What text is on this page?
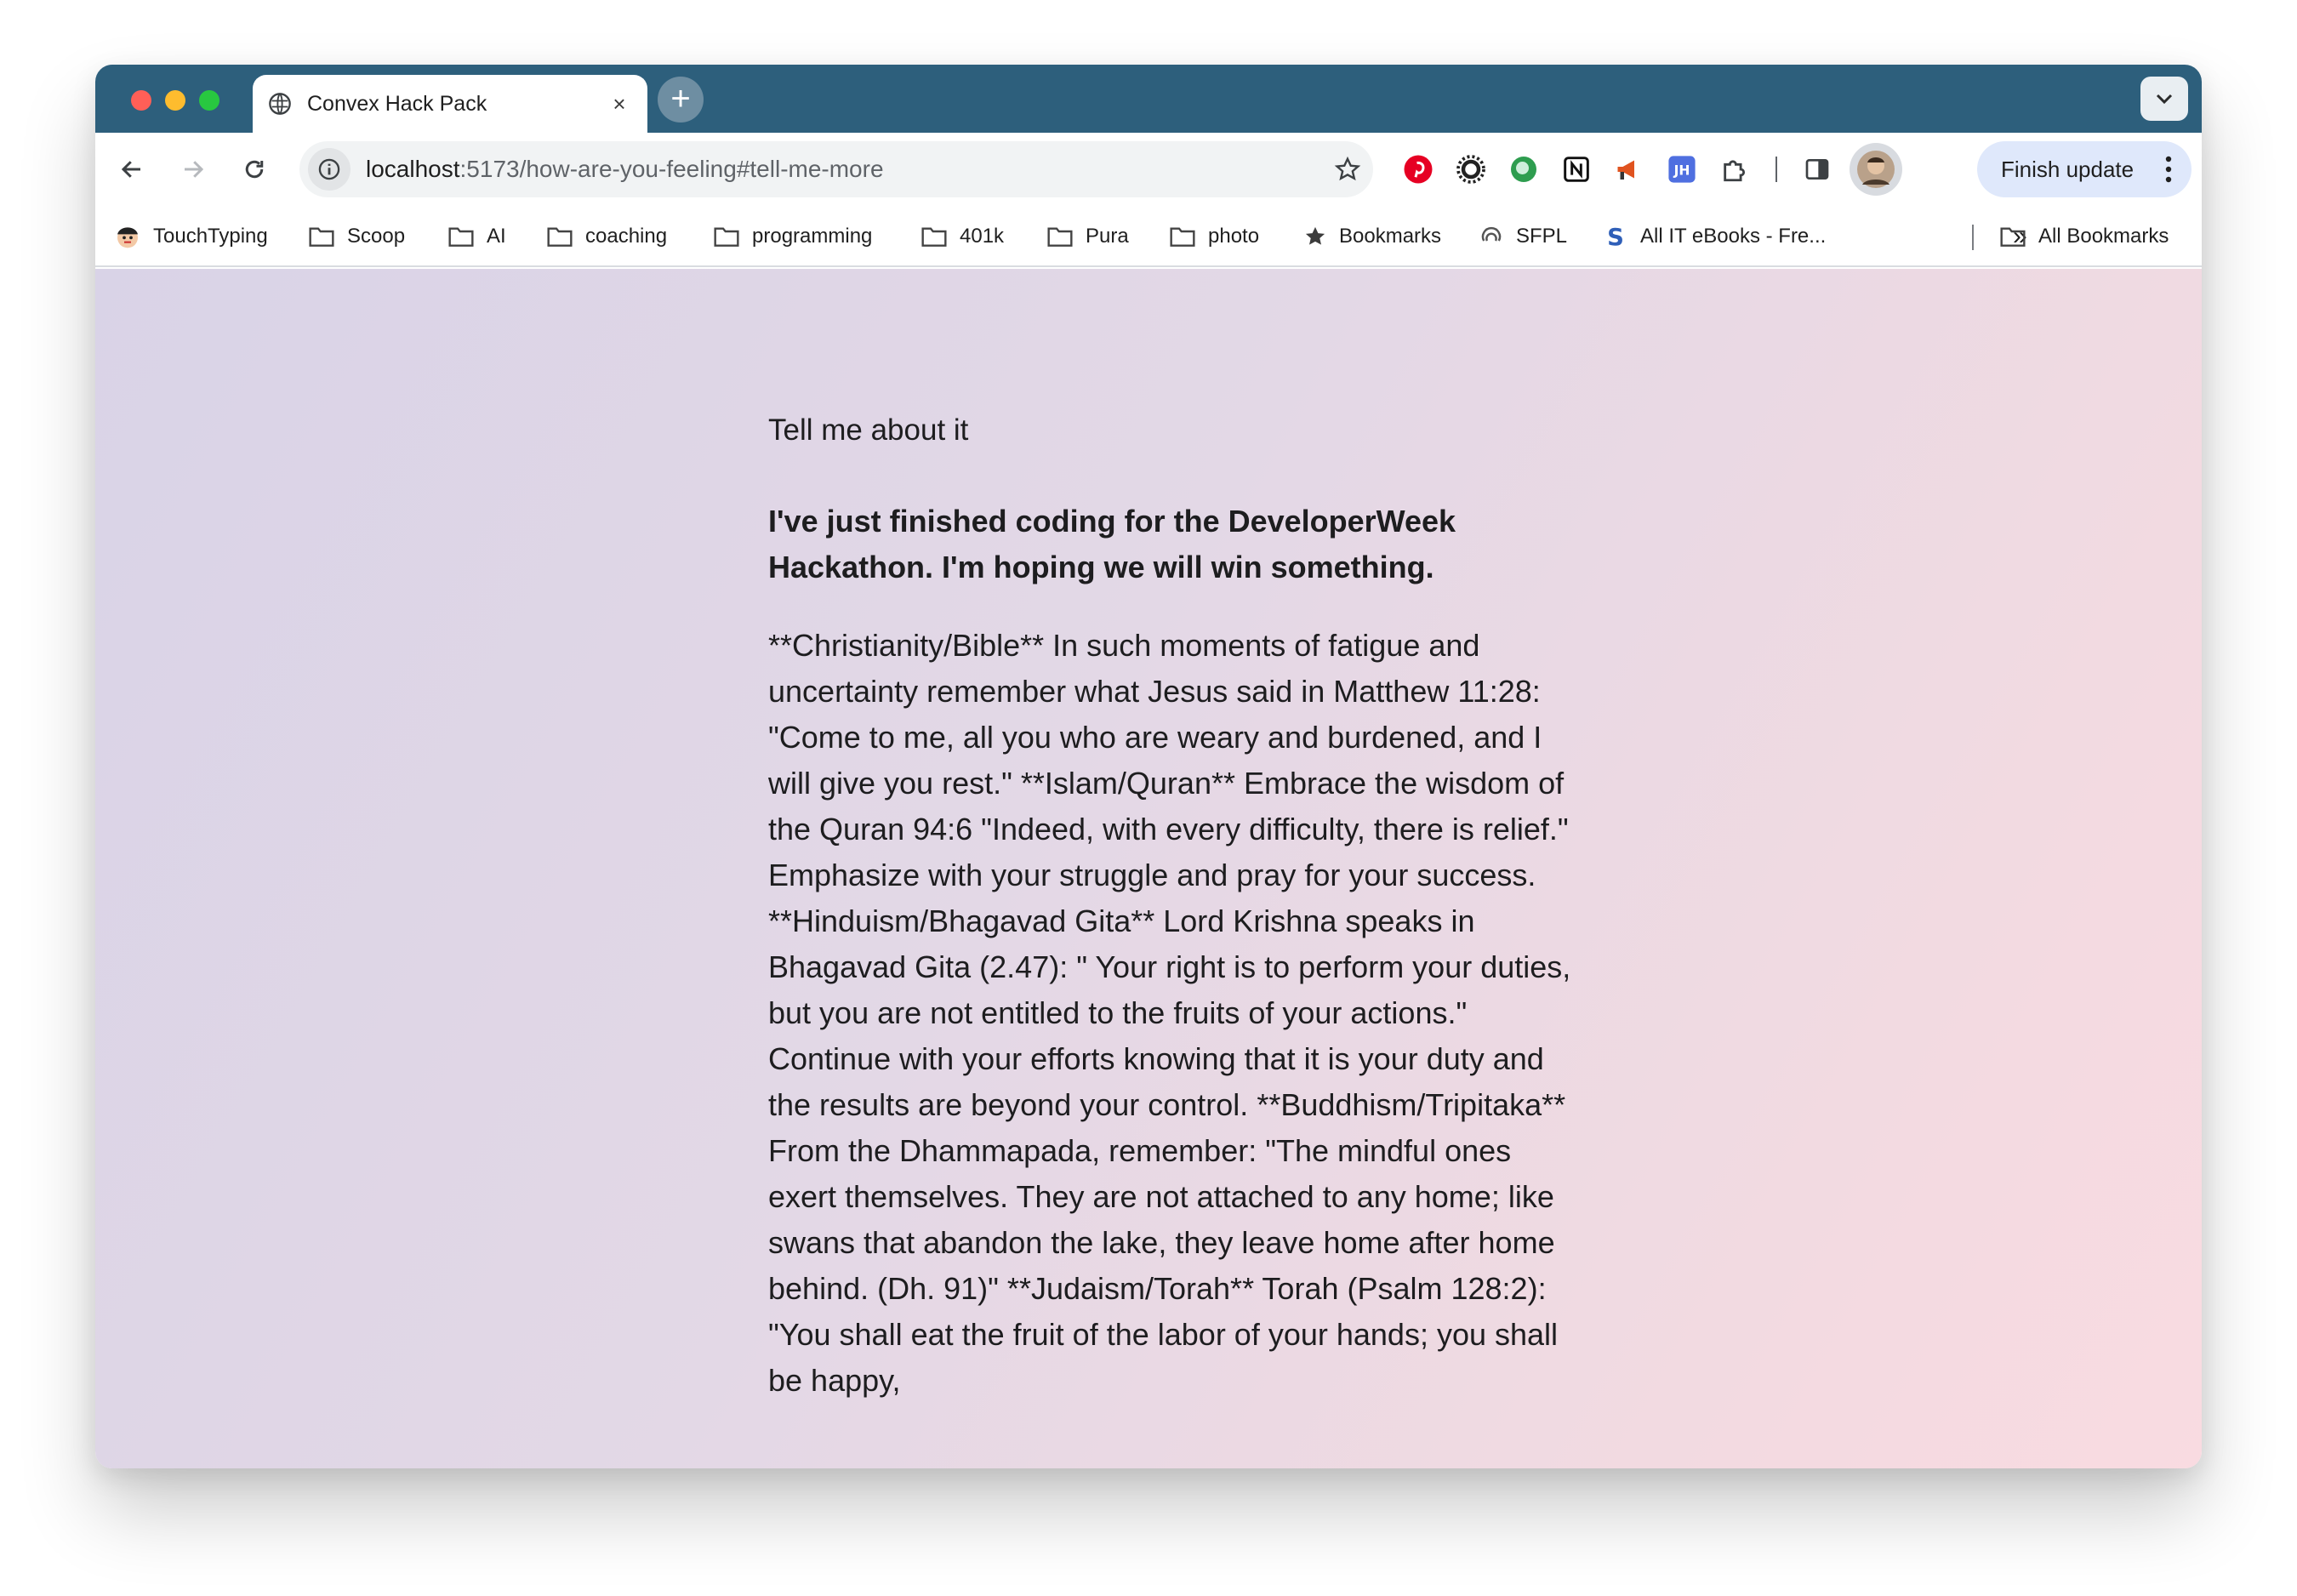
Convex Hack Pack	×	+
localhost:5173/how-are-you-feeling#tell-me-more	JH	Finish update
TouchTyping	Scoop	AI	coaching	programming	401k	Pura	photo	Bookmarks	SFPL S All IT eBooks - Fre...	» All Bookmarks
Tell me about it
I've just finished coding for the DeveloperWeek Hackathon. I'm hoping we will win something.
**Christianity/Bible** In such moments of fatigue and uncertainty remember what Jesus said in Matthew 11:28: "Come to me, all you who are weary and burdened, and I will give you rest." **Islam/Quran** Embrace the wisdom of the Quran 94:6 "Indeed, with every difficulty, there is relief." Emphasize with your struggle and pray for your success. **Hinduism/Bhagavad Gita** Lord Krishna speaks in Bhagavad Gita (2.47): " Your right is to perform your duties, but you are not entitled to the fruits of your actions." Continue with your efforts knowing that it is your duty and the results are beyond your control. **Buddhism/Tripitaka** From the Dhammapada, remember: "The mindful ones exert themselves. They are not attached to any home; like swans that abandon the lake, they leave home after home behind. (Dh. 91)" **Judaism/Torah** Torah (Psalm 128:2): "You shall eat the fruit of the labor of your hands; you shall be happy,
